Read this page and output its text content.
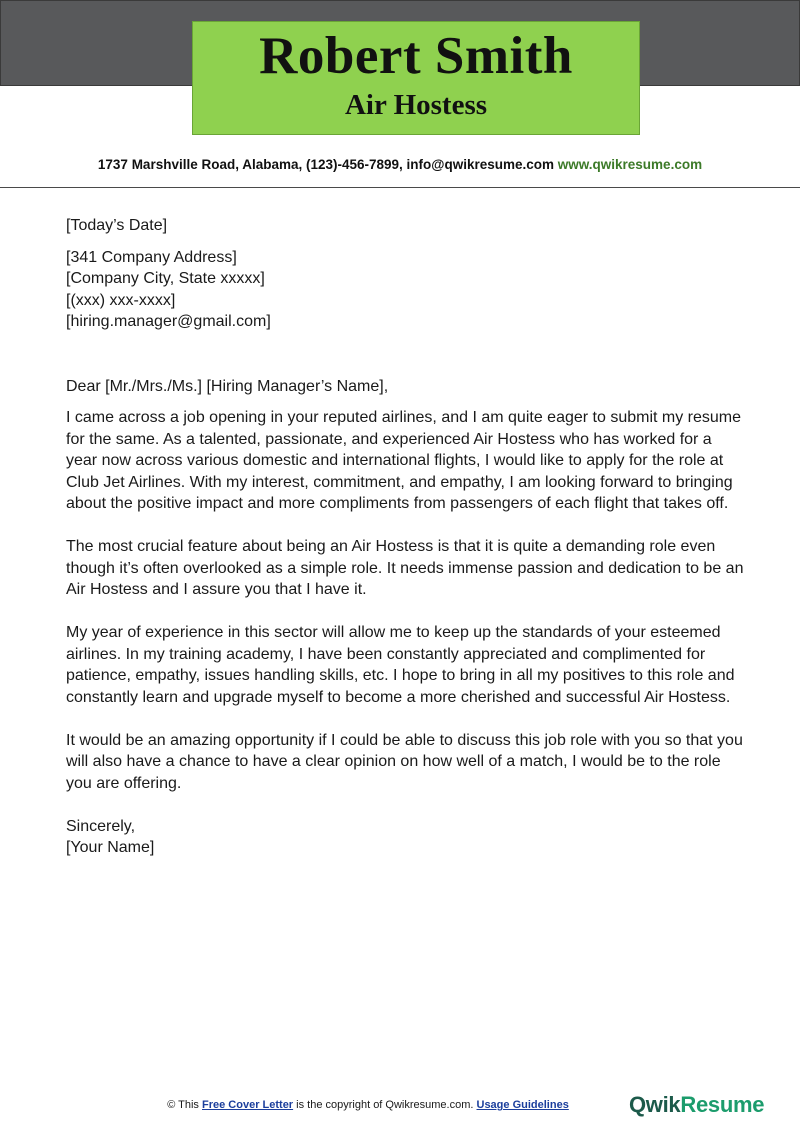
Robert Smith
Air Hostess
1737 Marshville Road, Alabama, (123)-456-7899, info@qwikresume.com www.qwikresume.com

[Today’s Date]

[341 Company Address]

[Company City, State xxxxx]

[(xxx) xxx-xxxx]

[hiring.manager@gmail.com]

Dear [Mr./Mrs./Ms.] [Hiring Manager’s Name],

I came across a job opening in your reputed airlines, and I am quite eager to submit my resume for the same. As a talented, passionate, and experienced Air Hostess who has worked for a year now across various domestic and international flights, I would like to apply for the role at Club Jet Airlines. With my interest, commitment, and empathy, I am looking forward to bringing about the positive impact and more compliments from passengers of each flight that takes off.

The most crucial feature about being an Air Hostess is that it is quite a demanding role even though it’s often overlooked as a simple role. It needs immense passion and dedication to be an Air Hostess and I assure you that I have it.

My year of experience in this sector will allow me to keep up the standards of your esteemed airlines. In my training academy, I have been constantly appreciated and complimented for patience, empathy, issues handling skills, etc. I hope to bring in all my positives to this role and constantly learn and upgrade myself to become a more cherished and successful Air Hostess.

It would be an amazing opportunity if I could be able to discuss this job role with you so that you will also have a chance to have a clear opinion on how well of a match, I would be to the role you are offering.

Sincerely,

[Your Name]

© This Free Cover Letter is the copyright of Qwikresume.com. Usage Guidelines	QwikResume
